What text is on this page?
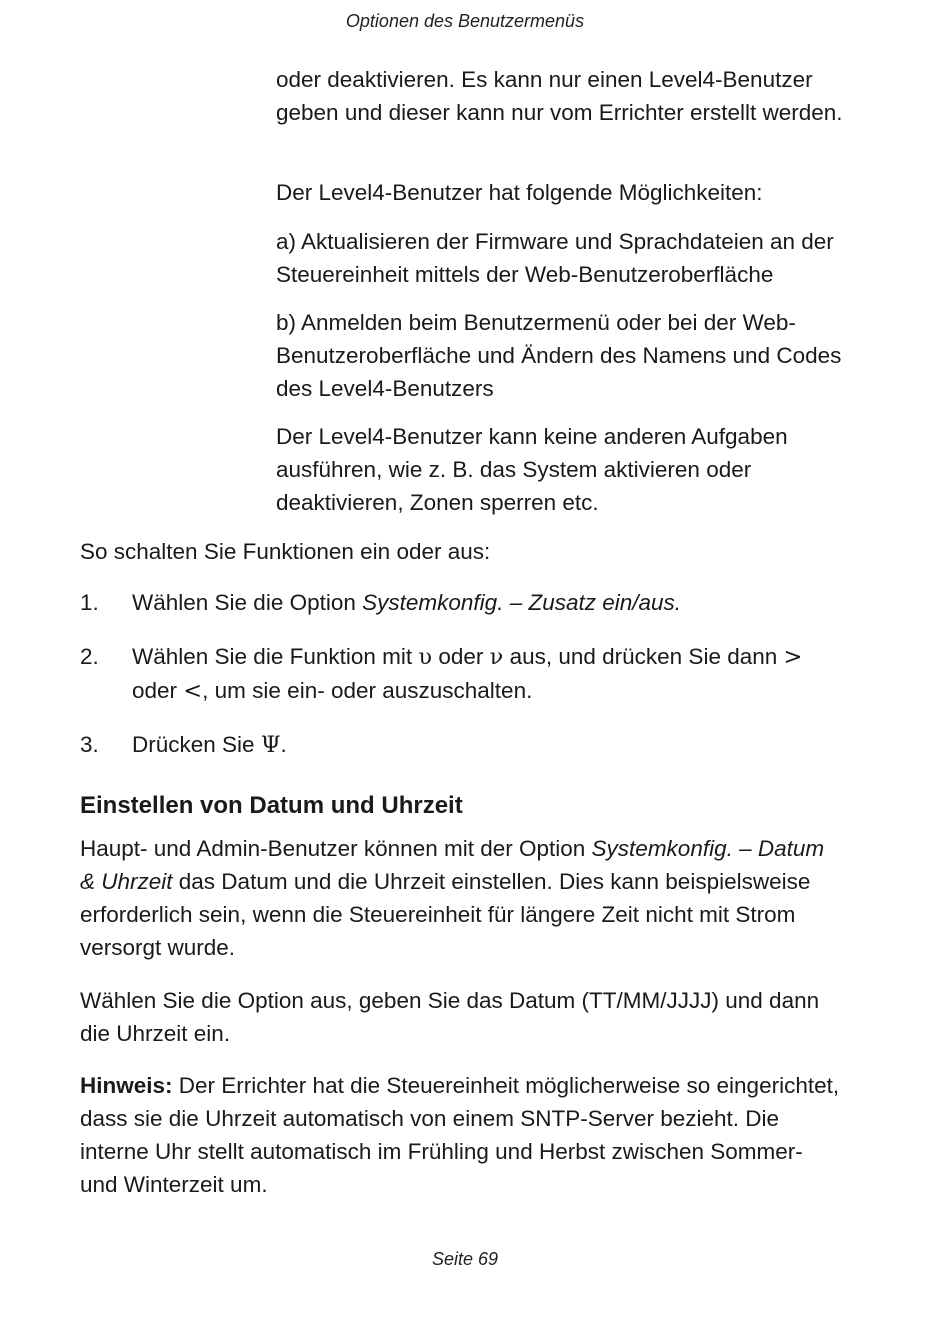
Optionen des Benutzermenüs

oder deaktivieren. Es kann nur einen Level4-Benutzer geben und dieser kann nur vom Errichter erstellt werden.

Der Level4-Benutzer hat folgende Möglichkeiten:

a) Aktualisieren der Firmware und Sprachdateien an der Steuereinheit mittels der Web-Benutzeroberfläche

b) Anmelden beim Benutzermenü oder bei der Web-Benutzeroberfläche und Ändern des Namens und Codes des Level4-Benutzers

Der Level4-Benutzer kann keine anderen Aufgaben ausführen, wie z. B. das System aktivieren oder deaktivieren, Zonen sperren etc.

So schalten Sie Funktionen ein oder aus:

1. Wählen Sie die Option Systemkonfig. – Zusatz ein/aus.
2. Wählen Sie die Funktion mit υ oder ν aus, und drücken Sie dann > oder <, um sie ein- oder auszuschalten.
3. Drücken Sie Ψ.
Einstellen von Datum und Uhrzeit

Haupt- und Admin-Benutzer können mit der Option Systemkonfig. – Datum & Uhrzeit das Datum und die Uhrzeit einstellen. Dies kann beispielsweise erforderlich sein, wenn die Steuereinheit für längere Zeit nicht mit Strom versorgt wurde.

Wählen Sie die Option aus, geben Sie das Datum (TT/MM/JJJJ) und dann die Uhrzeit ein.

Hinweis: Der Errichter hat die Steuereinheit möglicherweise so eingerichtet, dass sie die Uhrzeit automatisch von einem SNTP-Server bezieht. Die interne Uhr stellt automatisch im Frühling und Herbst zwischen Sommer- und Winterzeit um.

Seite 69
